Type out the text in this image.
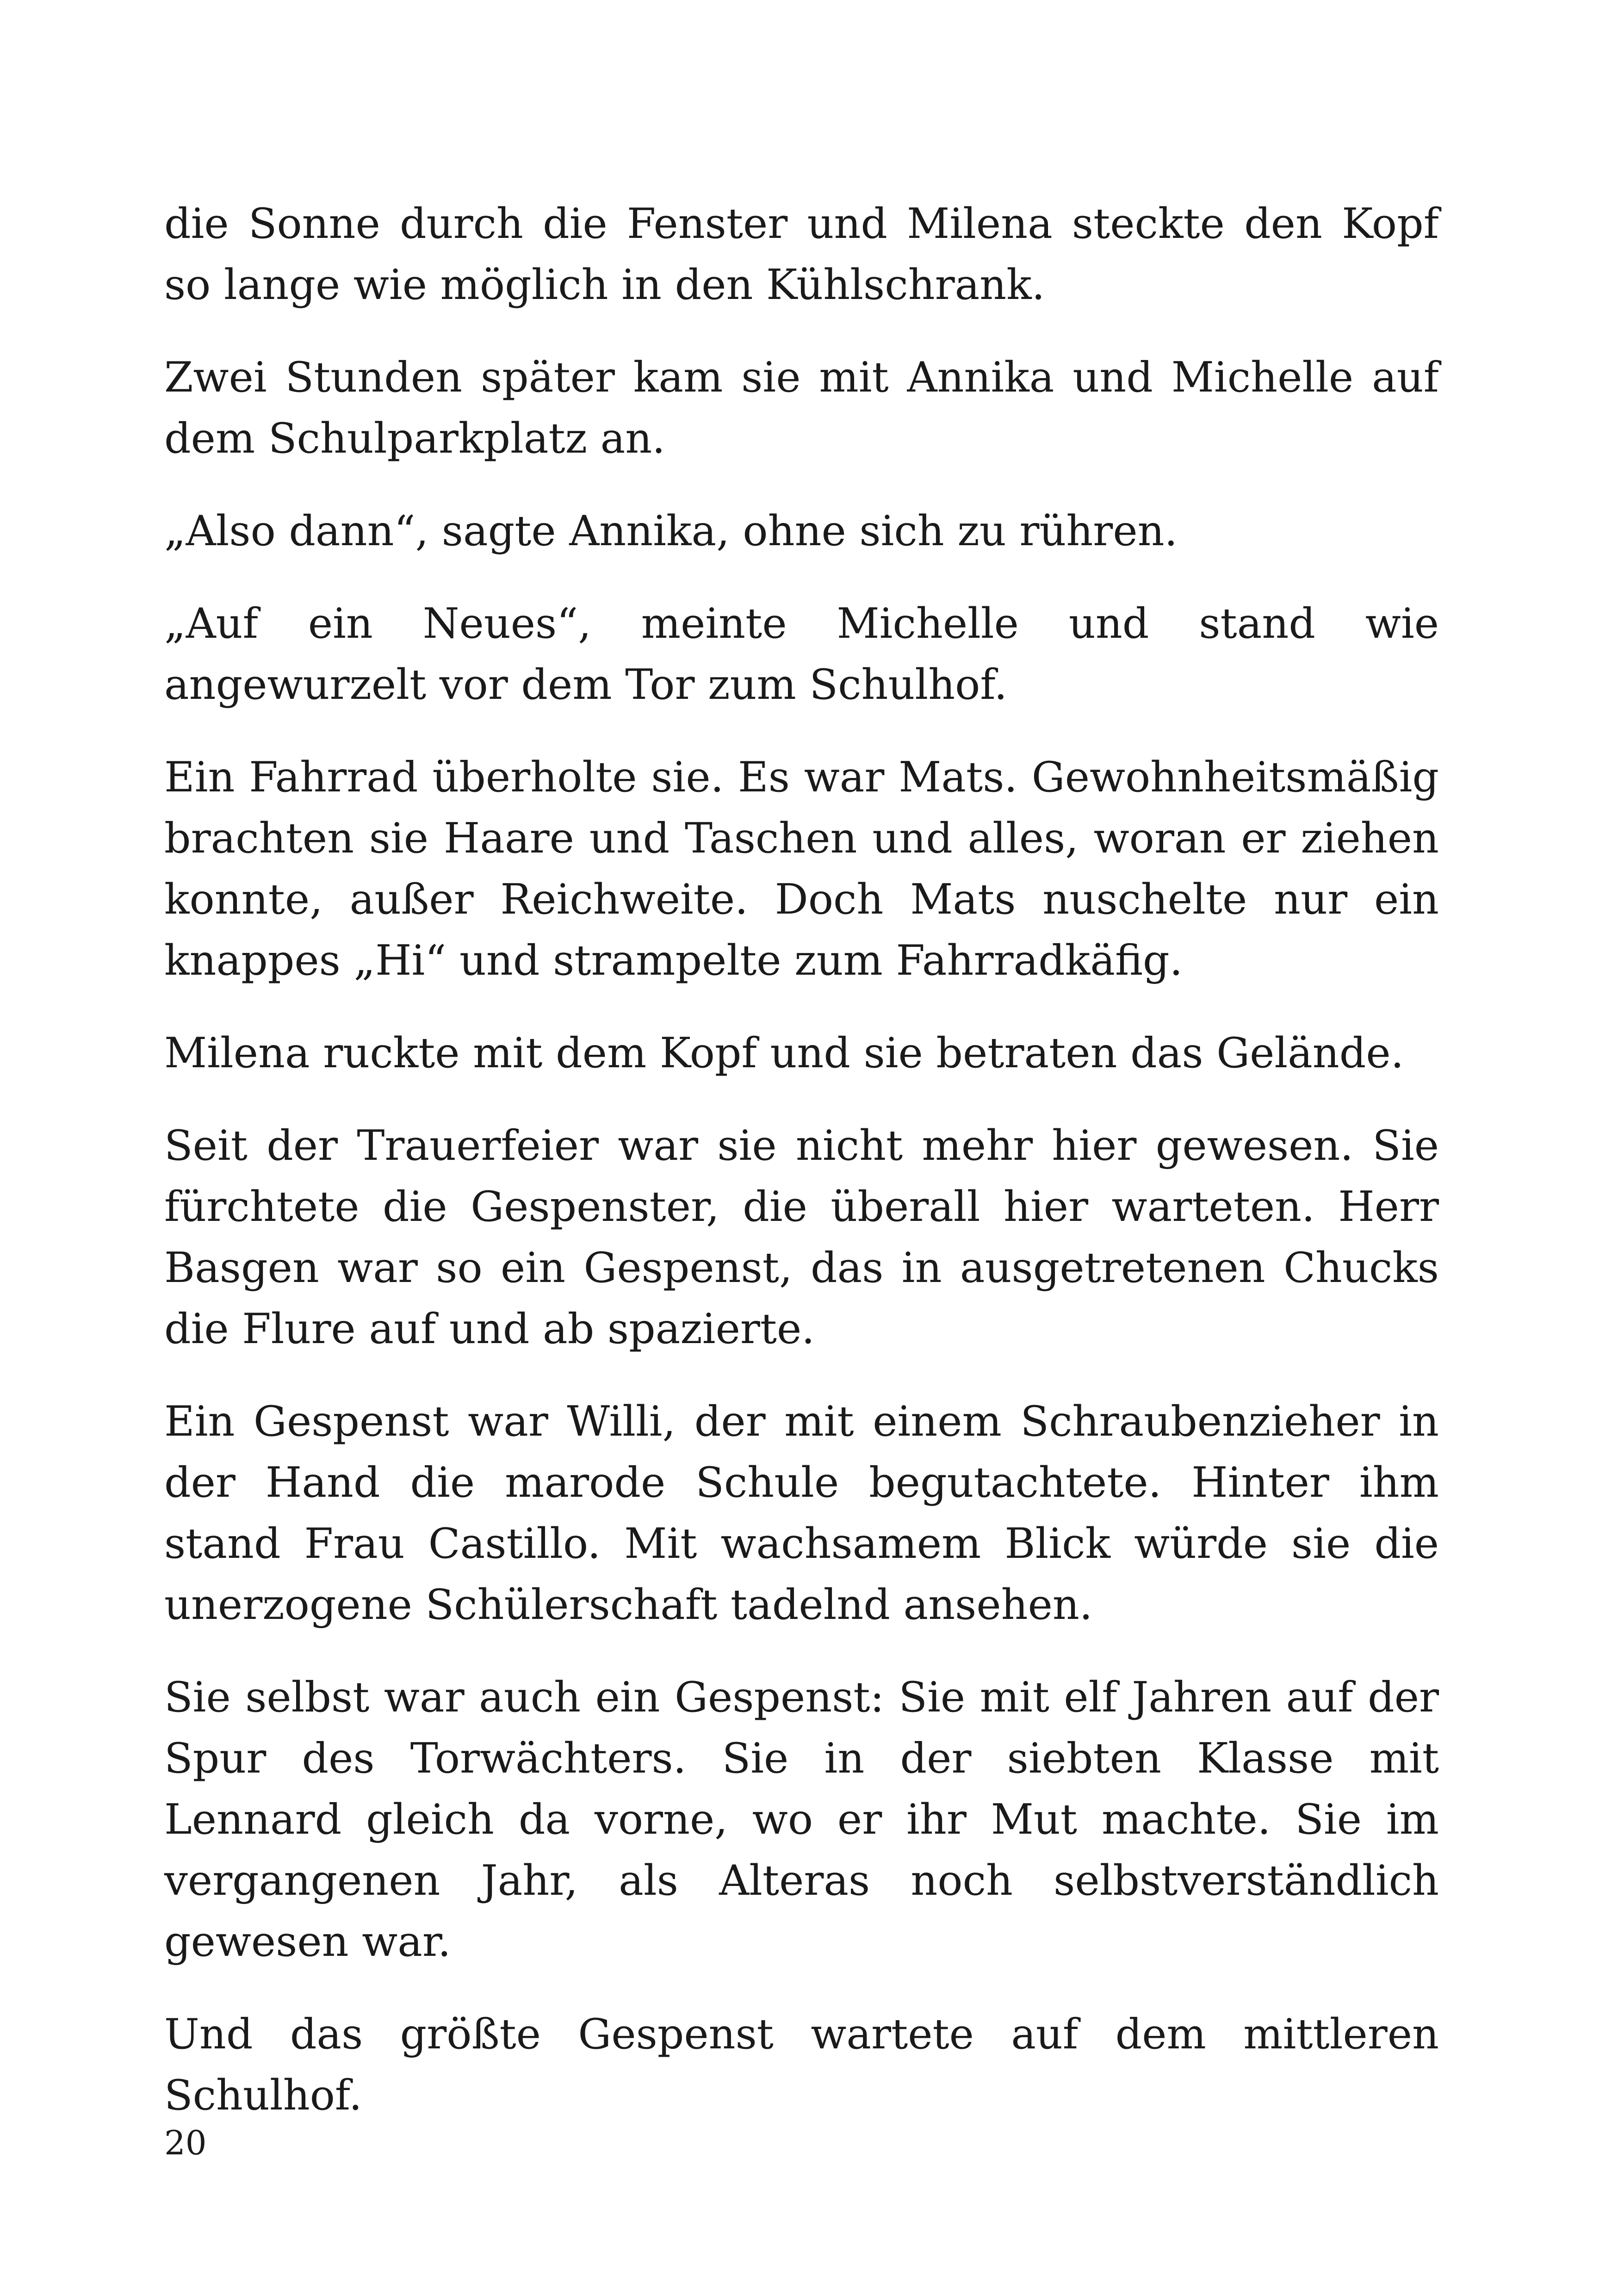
die Sonne durch die Fenster und Milena steckte den Kopf so lange wie möglich in den Kühlschrank.

Zwei Stunden später kam sie mit Annika und Michelle auf dem Schulparkplatz an.

„Also dann“, sagte Annika, ohne sich zu rühren.

„Auf ein Neues“, meinte Michelle und stand wie angewurzelt vor dem Tor zum Schulhof.

Ein Fahrrad überholte sie. Es war Mats. Gewohnheitsmäßig brachten sie Haare und Taschen und alles, woran er ziehen konnte, außer Reichweite. Doch Mats nuschelte nur ein knappes „Hi“ und strampelte zum Fahrradkäfig.

Milena ruckte mit dem Kopf und sie betraten das Gelände.

Seit der Trauerfeier war sie nicht mehr hier gewesen. Sie fürchtete die Gespenster, die überall hier warteten. Herr Basgen war so ein Gespenst, das in ausgetretenen Chucks die Flure auf und ab spazierte.

Ein Gespenst war Willi, der mit einem Schraubenzieher in der Hand die marode Schule begutachtete. Hinter ihm stand Frau Castillo. Mit wachsamem Blick würde sie die unerzogene Schülerschaft tadelnd ansehen.

Sie selbst war auch ein Gespenst: Sie mit elf Jahren auf der Spur des Torwächters. Sie in der siebten Klasse mit Lennard gleich da vorne, wo er ihr Mut machte. Sie im vergangenen Jahr, als Alteras noch selbstverständlich gewesen war.

Und das größte Gespenst wartete auf dem mittleren Schulhof.

20
